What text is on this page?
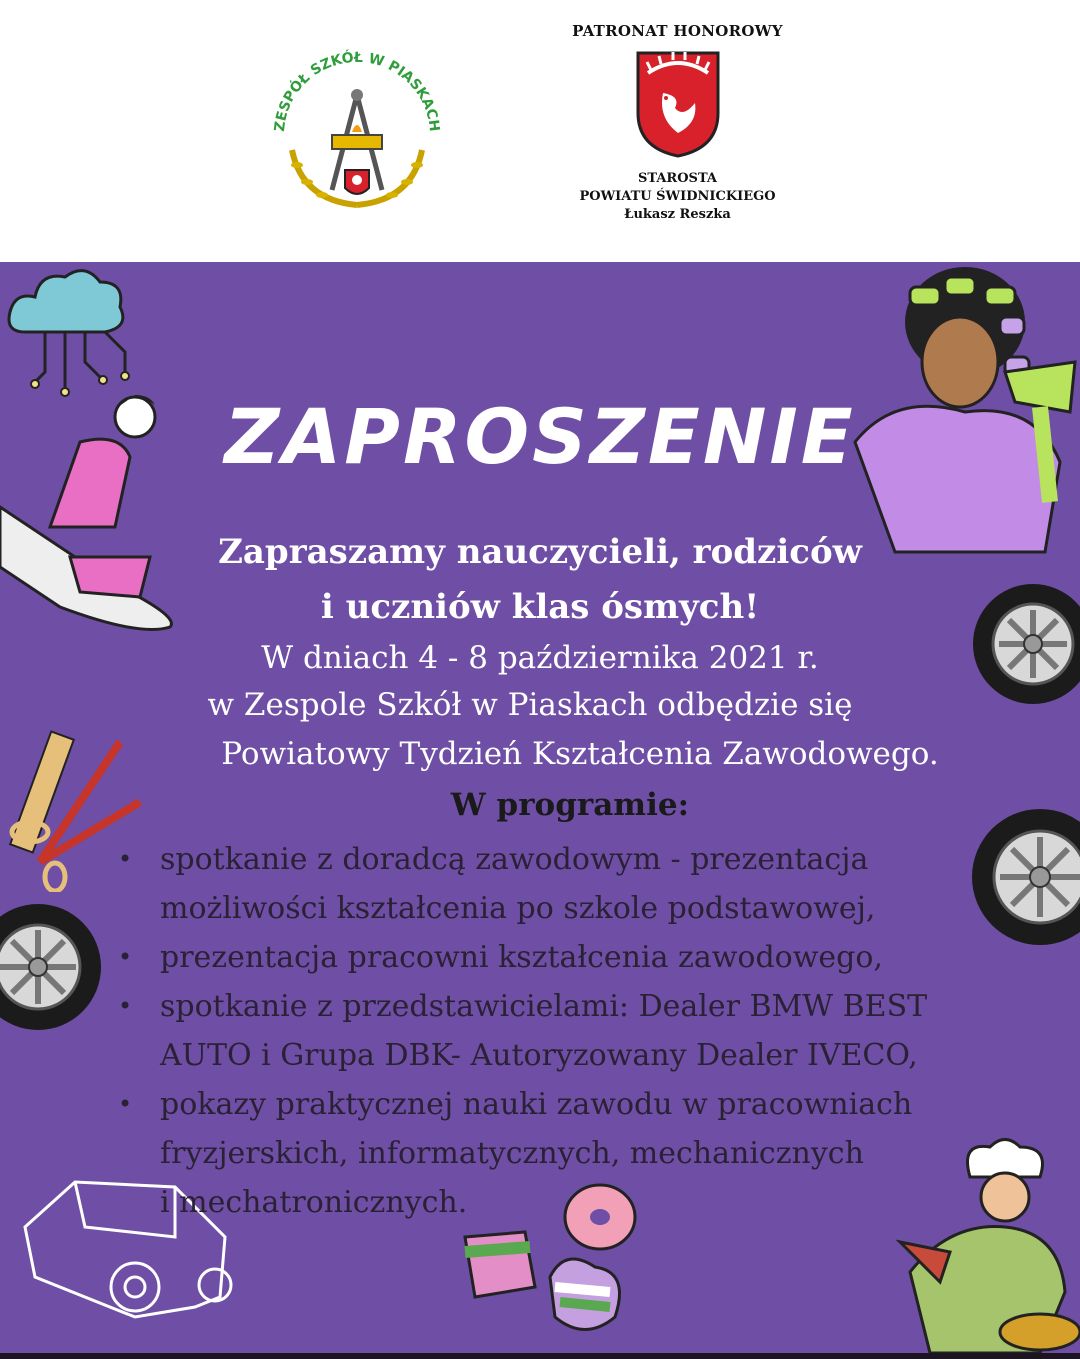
ZESPÓŁ SZKÓŁ W PIASKACH
PATRONAT HONOROWY
STAROSTA
POWIATU ŚWIDNICKIEGO
Łukasz Reszka
ZAPROSZENIE
Zapraszamy nauczycieli, rodziców
i uczniów klas ósmych!
W dniach 4 - 8 października 2021 r.
w Zespole Szkół w Piaskach odbędzie się
Powiatowy Tydzień Kształcenia Zawodowego.
W programie:
• spotkanie z doradcą zawodowym - prezentacja
możliwości kształcenia po szkole podstawowej,
• prezentacja pracowni kształcenia zawodowego,
• spotkanie z przedstawicielami: Dealer BMW BEST
AUTO i Grupa DBK- Autoryzowany Dealer IVECO,
• pokazy praktycznej nauki zawodu w pracowniach
fryzjerskich, informatycznych, mechanicznych
i mechatronicznych.
